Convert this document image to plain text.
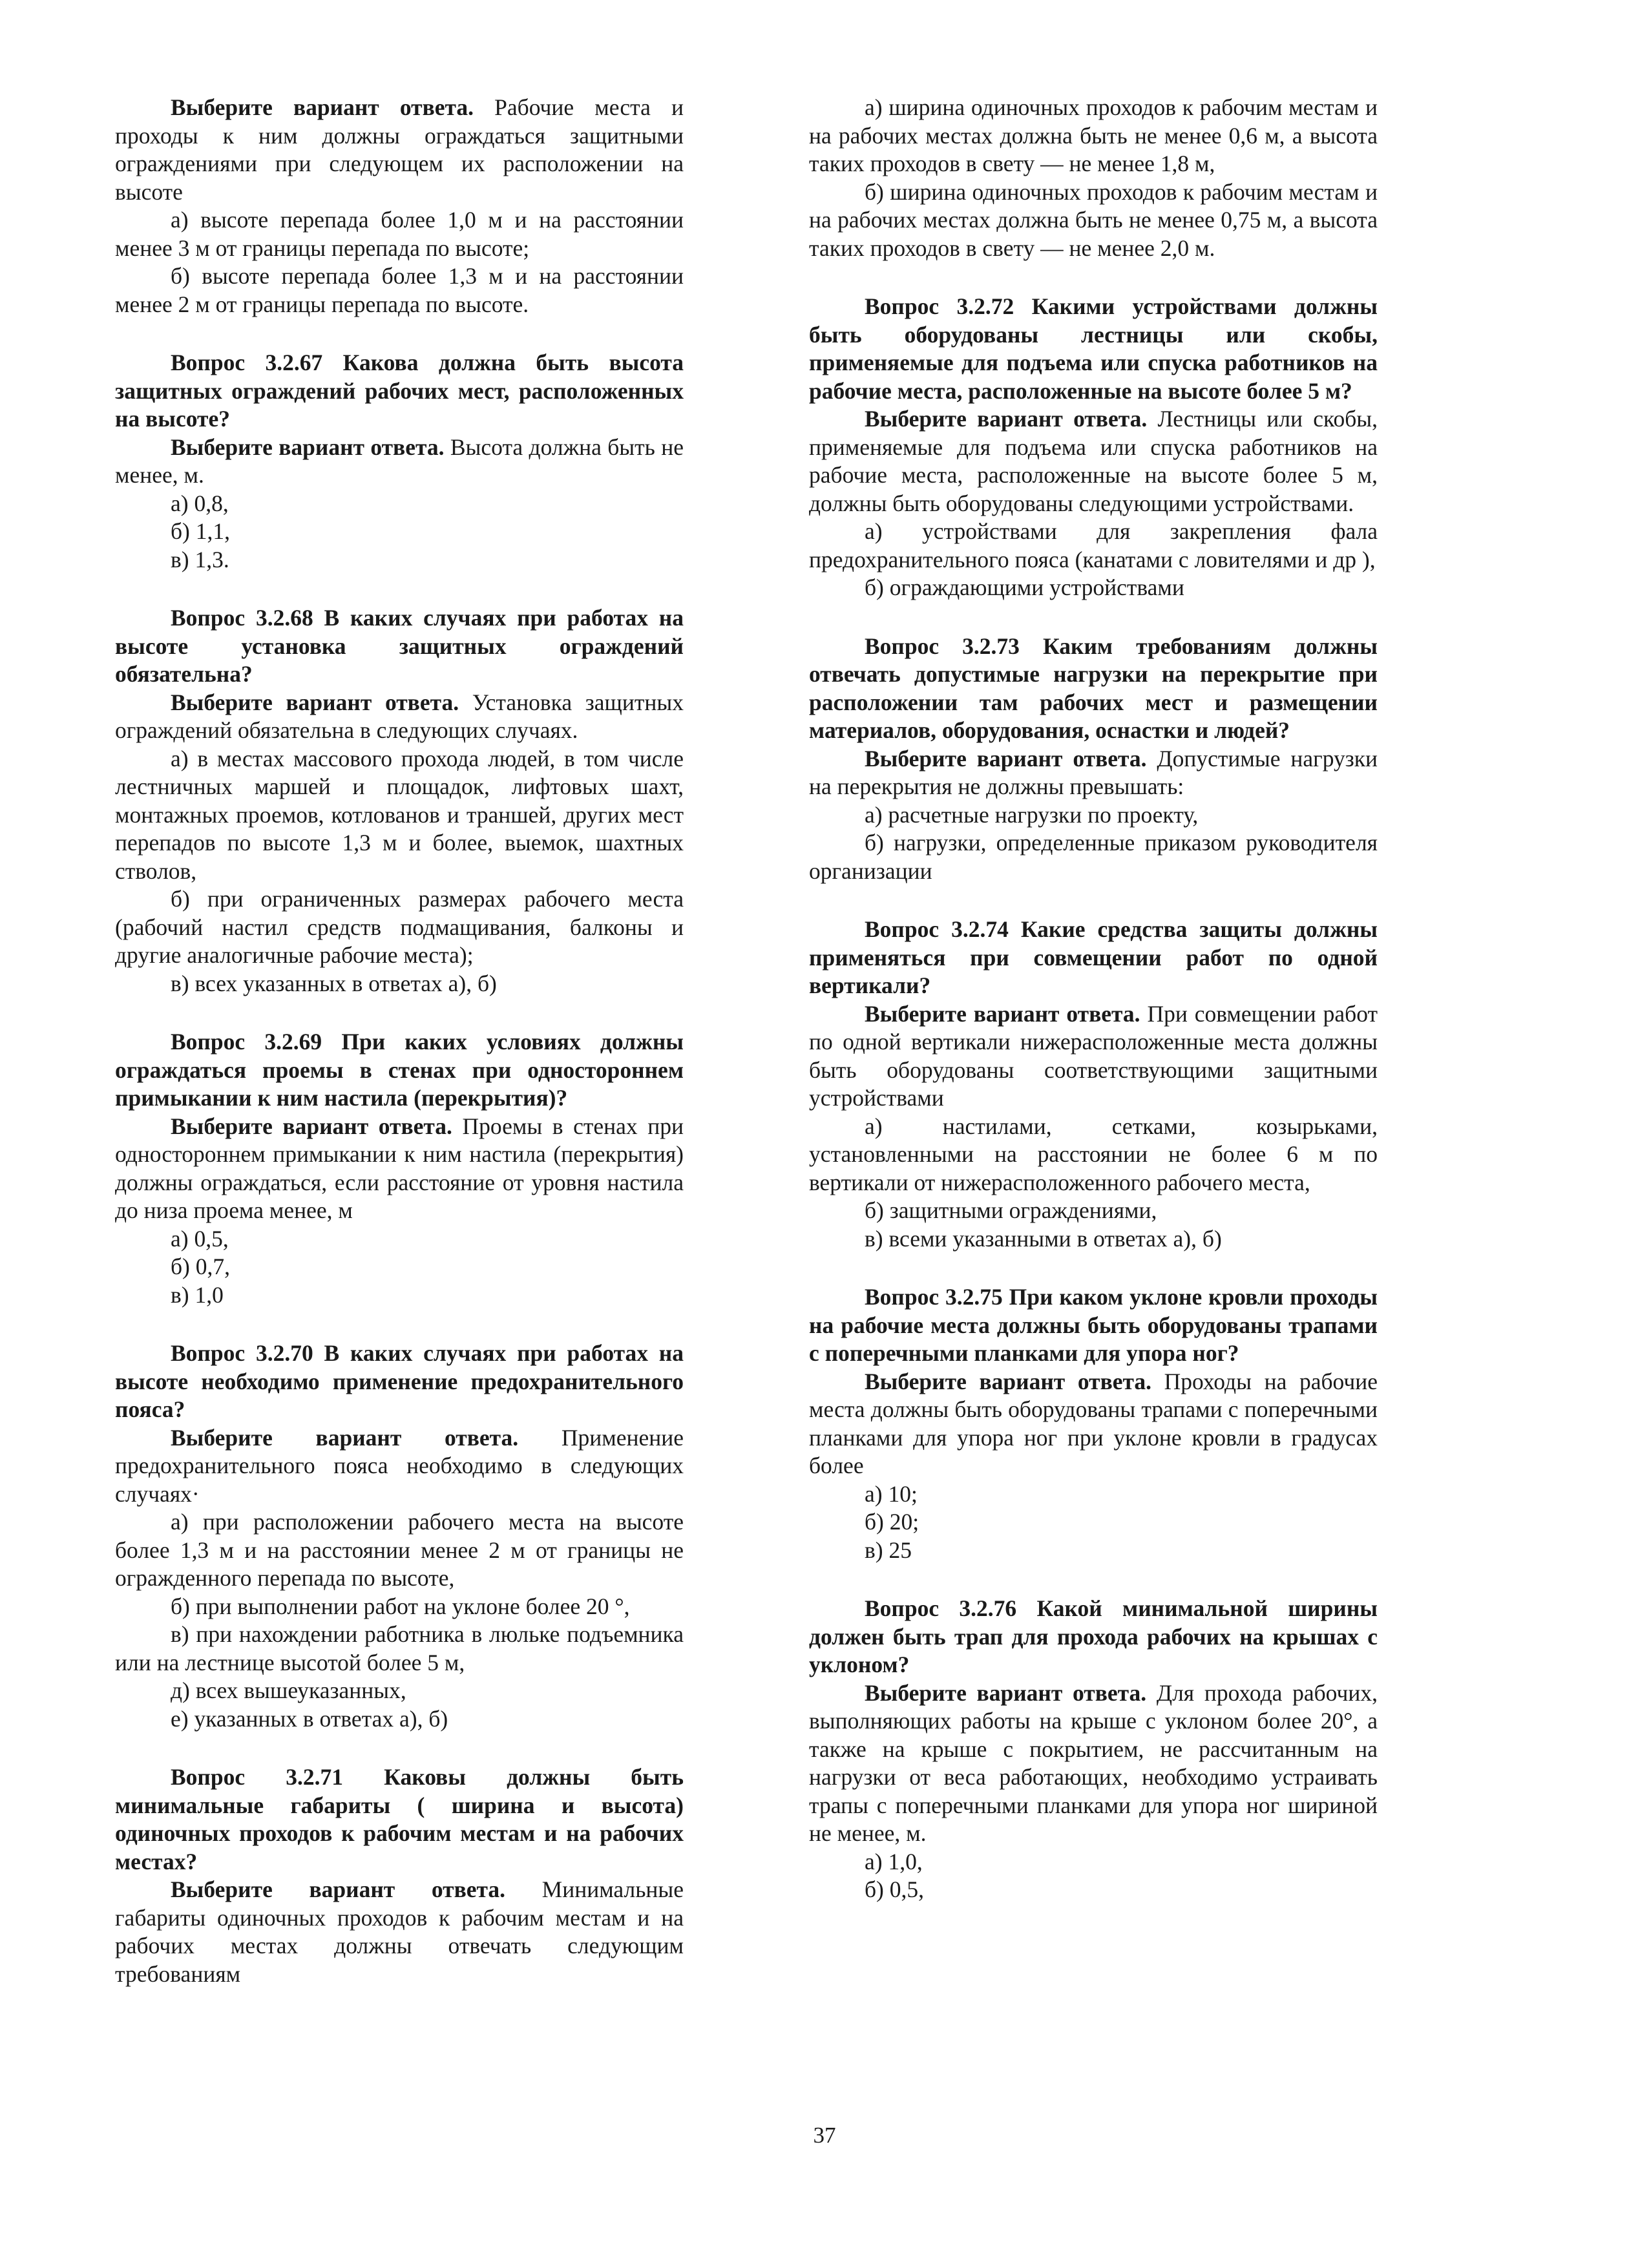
Выберите вариант ответа. Рабочие места и проходы к ним должны ограждаться защитными ограждениями при следующем их расположении на высоте

а) высоте перепада более 1,0 м и на расстоянии менее 3 м от границы перепада по высоте;

б) высоте перепада более 1,3 м и на расстоянии менее 2 м от границы перепада по высоте.

Вопрос 3.2.67 Какова должна быть высота защитных ограждений рабочих мест, расположенных на высоте?

Выберите вариант ответа. Высота должна быть не менее, м.

а) 0,8,

б) 1,1,

в) 1,3.

Вопрос 3.2.68 В каких случаях при работах на высоте установка защитных ограждений обязательна?

Выберите вариант ответа. Установка защитных ограждений обязательна в следующих случаях.

а) в местах массового прохода людей, в том числе лестничных маршей и площадок, лифтовых шахт, монтажных проемов, котлованов и траншей, других мест перепадов по высоте 1,3 м и более, выемок, шахтных стволов,

б) при ограниченных размерах рабочего места (рабочий настил средств подмащивания, балконы и другие аналогичные рабочие места);

в) всех указанных в ответах а), б)

Вопрос 3.2.69 При каких условиях должны ограждаться проемы в стенах при одностороннем примыкании к ним настила (перекрытия)?

Выберите вариант ответа. Проемы в стенах при одностороннем примыкании к ним настила (перекрытия) должны ограждаться, если расстояние от уровня настила до низа проема менее, м

а) 0,5,

б) 0,7,

в) 1,0

Вопрос 3.2.70 В каких случаях при работах на высоте необходимо применение предохранительного пояса?

Выберите вариант ответа. Применение предохранительного пояса необходимо в следующих случаях·

а) при расположении рабочего места на высоте более 1,3 м и на расстоянии менее 2 м от границы не огражденного перепада по высоте,

б) при выполнении работ на уклоне более 20 °,

в) при нахождении работника в люльке подъемника или на лестнице высотой более 5 м,

д) всех вышеуказанных,

е) указанных в ответах а), б)

Вопрос 3.2.71 Каковы должны быть минимальные габариты ( ширина и высота) одиночных проходов к рабочим местам и на рабочих местах?

Выберите вариант ответа. Минимальные габариты одиночных проходов к рабочим местам и на рабочих местах должны отвечать следующим требованиям

а) ширина одиночных проходов к рабочим местам и на рабочих местах должна быть не менее 0,6 м, а высота таких проходов в свету — не менее 1,8 м,

б) ширина одиночных проходов к рабочим местам и на рабочих местах должна быть не менее 0,75 м, а высота таких проходов в свету — не менее 2,0 м.

Вопрос 3.2.72 Какими устройствами должны быть оборудованы лестницы или скобы, применяемые для подъема или спуска работников на рабочие места, расположенные на высоте более 5 м?

Выберите вариант ответа. Лестницы или скобы, применяемые для подъема или спуска работников на рабочие места, расположенные на высоте более 5 м, должны быть оборудованы следующими устройствами.

а) устройствами для закрепления фала предохранительного пояса (канатами с ловителями и др ),

б) ограждающими устройствами

Вопрос 3.2.73 Каким требованиям должны отвечать допустимые нагрузки на перекрытие при расположении там рабочих мест и размещении материалов, оборудования, оснастки и людей?

Выберите вариант ответа. Допустимые нагрузки на перекрытия не должны превышать:

а) расчетные нагрузки по проекту,

б) нагрузки, определенные приказом руководителя организации

Вопрос 3.2.74 Какие средства защиты должны применяться при совмещении работ по одной вертикали?

Выберите вариант ответа. При совмещении работ по одной вертикали нижерасположенные места должны быть оборудованы соответствующими защитными устройствами

а) настилами, сетками, козырьками, установленными на расстоянии не более 6 м по вертикали от нижерасположенного рабочего места,

б) защитными ограждениями,

в) всеми указанными в ответах а), б)

Вопрос 3.2.75 При каком уклоне кровли проходы на рабочие места должны быть оборудованы трапами с поперечными планками для упора ног?

Выберите вариант ответа. Проходы на рабочие места должны быть оборудованы трапами с поперечными планками для упора ног при уклоне кровли в градусах более

а) 10;

б) 20;

в) 25

Вопрос 3.2.76 Какой минимальной ширины должен быть трап для прохода рабочих на крышах с уклоном?

Выберите вариант ответа. Для прохода рабочих, выполняющих работы на крыше с уклоном более 20°, а также на крыше с покрытием, не рассчитанным на нагрузки от веса работающих, необходимо устраивать трапы с поперечными планками для упора ног шириной не менее, м.

а) 1,0,

б) 0,5,

37
